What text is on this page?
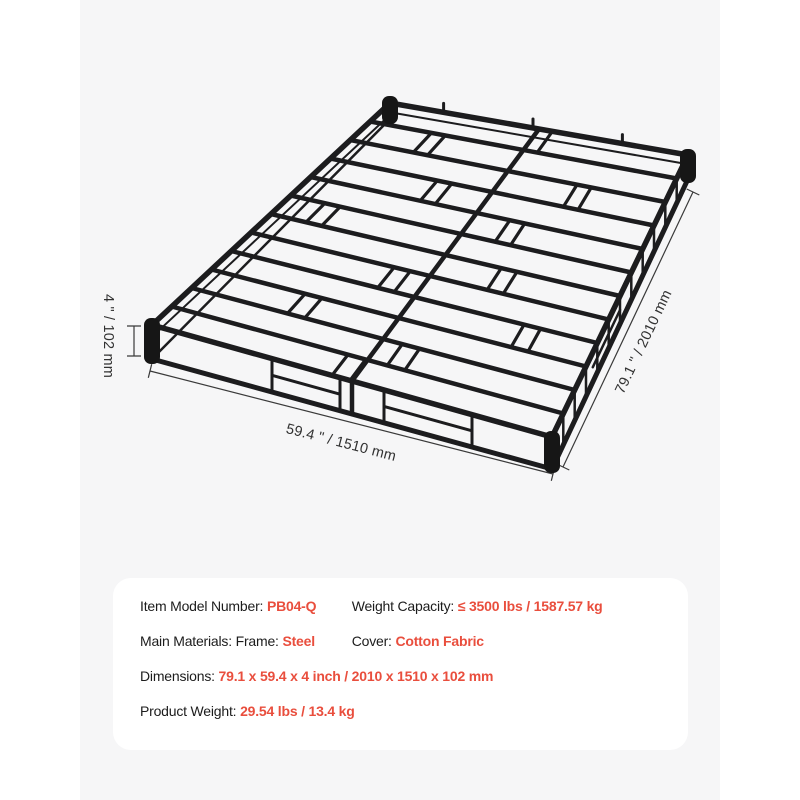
4 " / 102 mm
59.4 " / 1510 mm
79.1 " / 2010 mm
Item Model Number: PB04-Q	Weight Capacity: ≤ 3500 lbs / 1587.57 kg
Main Materials: Frame: Steel	Cover: Cotton Fabric
Dimensions: 79.1 x 59.4 x 4 inch / 2010 x 1510 x 102 mm
Product Weight: 29.54 lbs / 13.4 kg
